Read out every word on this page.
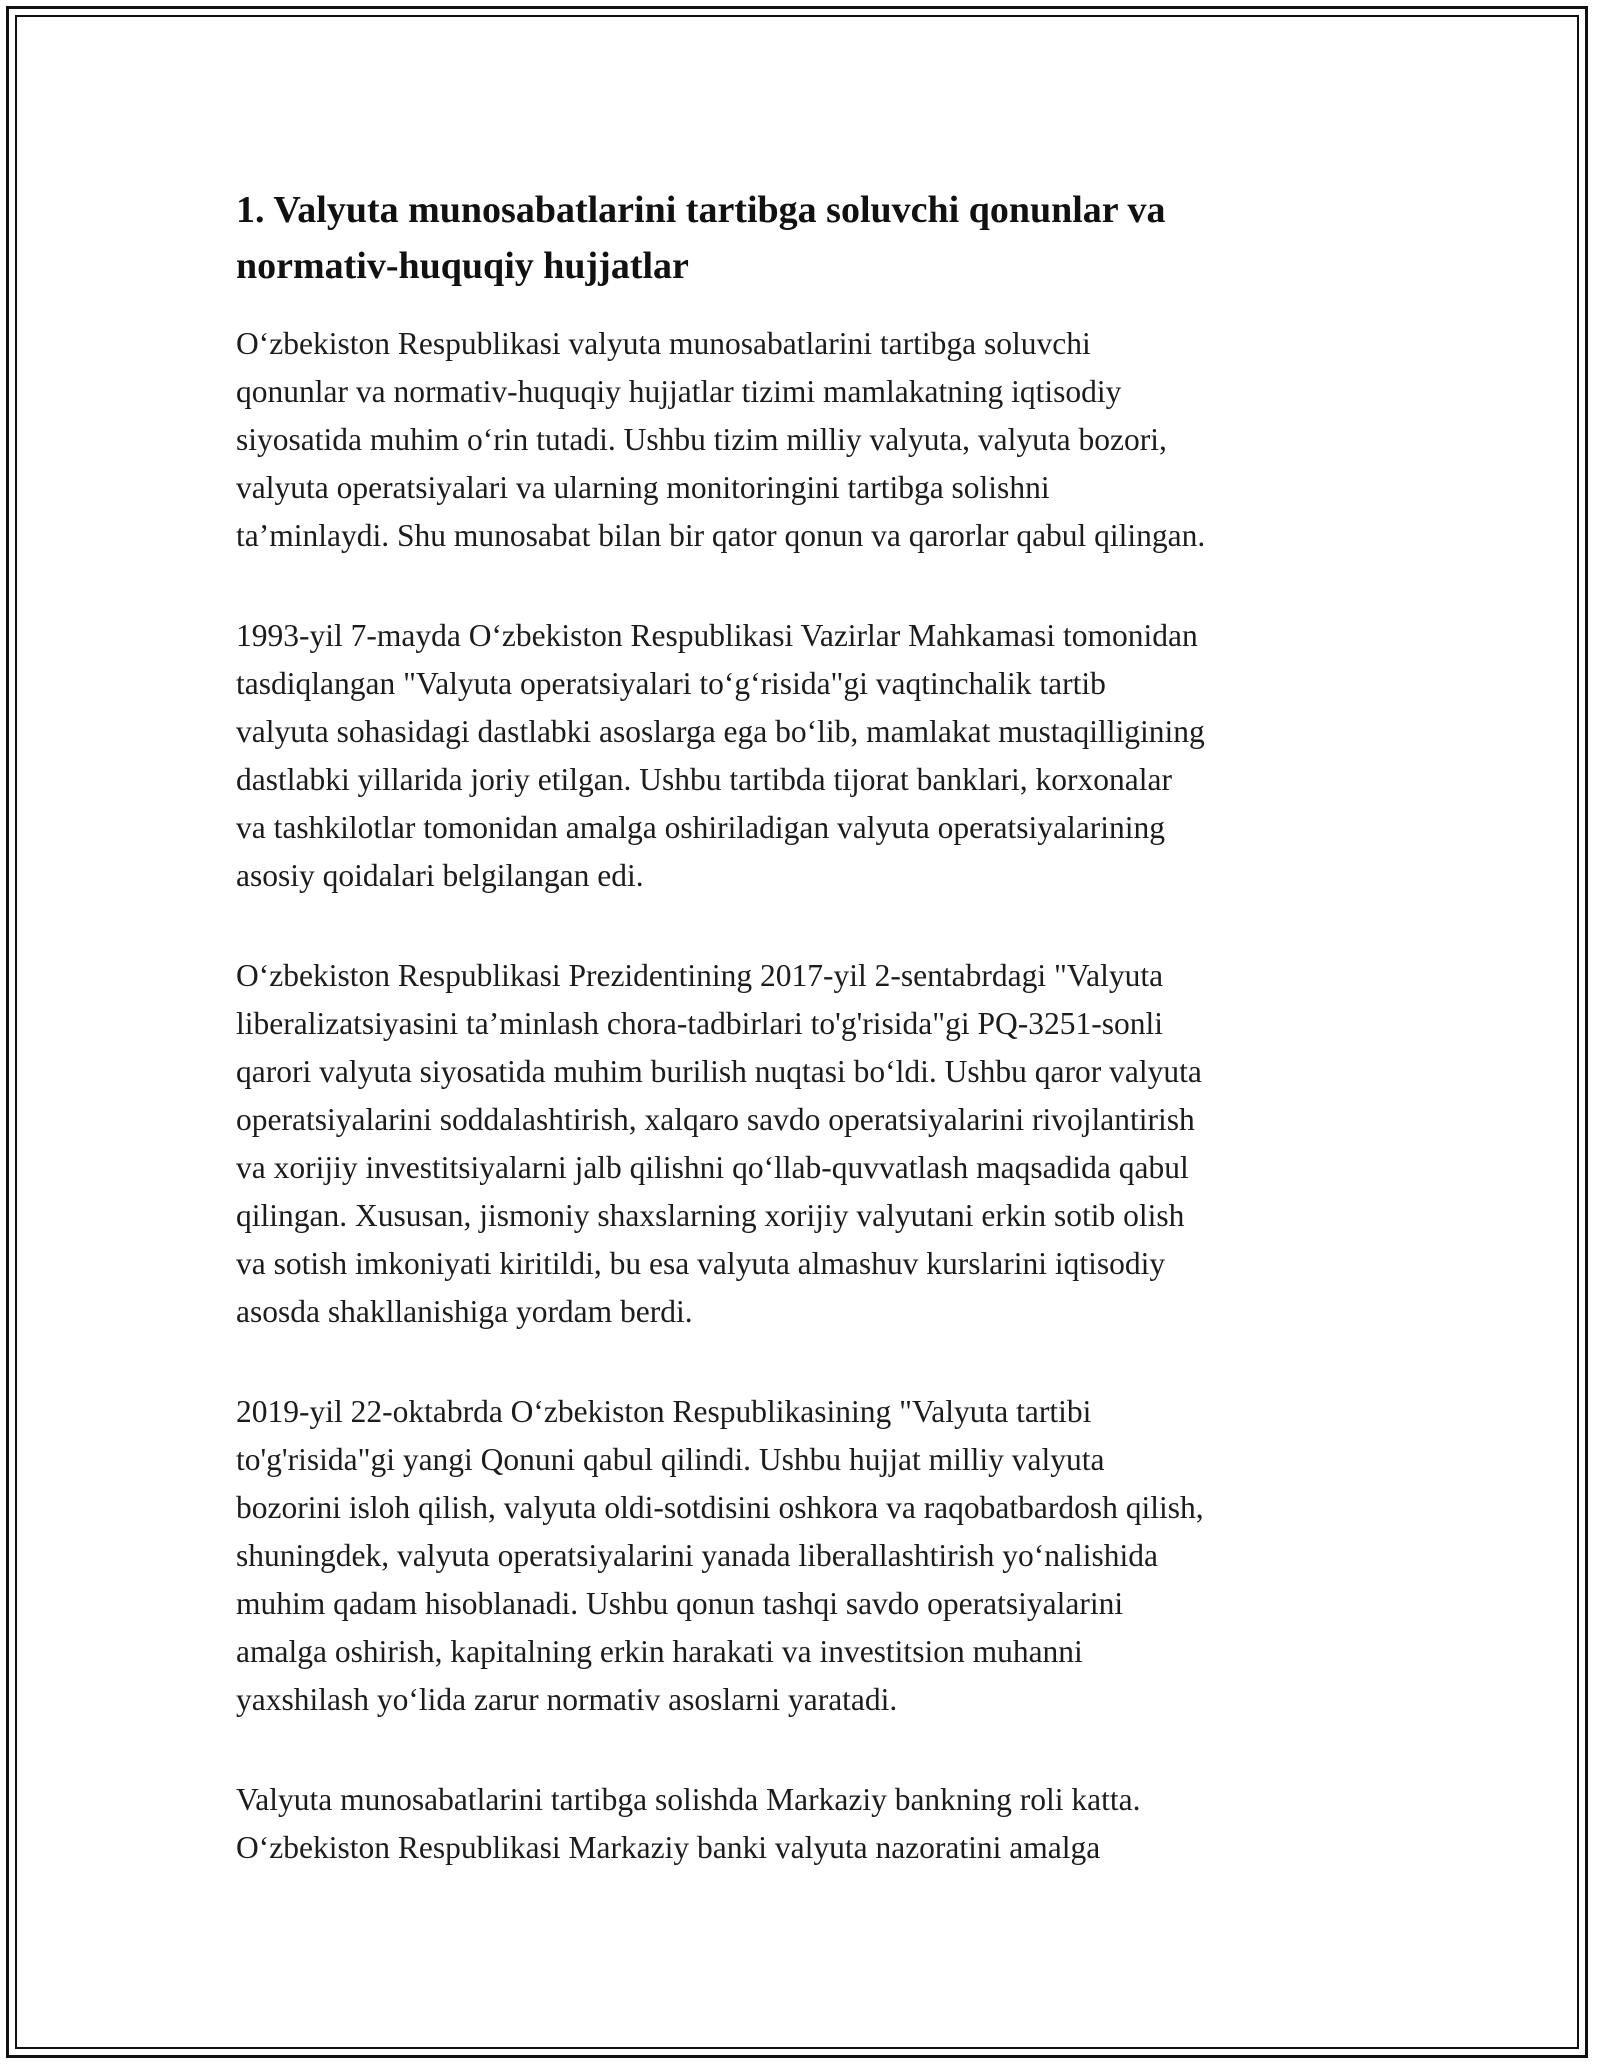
1. Valyuta munosabatlarini tartibga soluvchi qonunlar va
normativ-huquqiy hujjatlar

O‘zbekiston Respublikasi valyuta munosabatlarini tartibga soluvchi
qonunlar va normativ-huquqiy hujjatlar tizimi mamlakatning iqtisodiy
siyosatida muhim o‘rin tutadi. Ushbu tizim milliy valyuta, valyuta bozori,
valyuta operatsiyalari va ularning monitoringini tartibga solishni
ta’minlaydi. Shu munosabat bilan bir qator qonun va qarorlar qabul qilingan.

1993-yil 7-mayda O‘zbekiston Respublikasi Vazirlar Mahkamasi tomonidan
tasdiqlangan "Valyuta operatsiyalari to‘g‘risida"gi vaqtinchalik tartib
valyuta sohasidagi dastlabki asoslarga ega bo‘lib, mamlakat mustaqilligining
dastlabki yillarida joriy etilgan. Ushbu tartibda tijorat banklari, korxonalar
va tashkilotlar tomonidan amalga oshiriladigan valyuta operatsiyalarining
asosiy qoidalari belgilangan edi.

O‘zbekiston Respublikasi Prezidentining 2017-yil 2-sentabrdagi "Valyuta
liberalizatsiyasini ta’minlash chora-tadbirlari to'g'risida"gi PQ-3251-sonli
qarori valyuta siyosatida muhim burilish nuqtasi bo‘ldi. Ushbu qaror valyuta
operatsiyalarini soddalashtirish, xalqaro savdo operatsiyalarini rivojlantirish
va xorijiy investitsiyalarni jalb qilishni qo‘llab-quvvatlash maqsadida qabul
qilingan. Xususan, jismoniy shaxslarning xorijiy valyutani erkin sotib olish
va sotish imkoniyati kiritildi, bu esa valyuta almashuv kurslarini iqtisodiy
asosda shakllanishiga yordam berdi.

2019-yil 22-oktabrda O‘zbekiston Respublikasining "Valyuta tartibi
to'g'risida"gi yangi Qonuni qabul qilindi. Ushbu hujjat milliy valyuta
bozorini isloh qilish, valyuta oldi-sotdisini oshkora va raqobatbardosh qilish,
shuningdek, valyuta operatsiyalarini yanada liberallashtirish yo‘nalishida
muhim qadam hisoblanadi. Ushbu qonun tashqi savdo operatsiyalarini
amalga oshirish, kapitalning erkin harakati va investitsion muhanni
yaxshilash yo‘lida zarur normativ asoslarni yaratadi.

Valyuta munosabatlarini tartibga solishda Markaziy bankning roli katta.
O‘zbekiston Respublikasi Markaziy banki valyuta nazoratini amalga
